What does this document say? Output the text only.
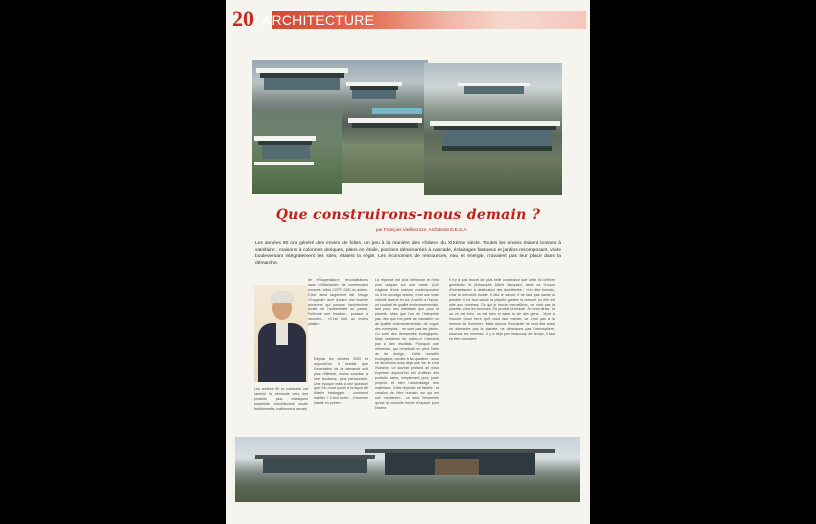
20 ARCHITECTURE
Que construirons-nous demain ?
par François Vieillecroze, Architecte D.E.S.A

Les années 80 ont généré des envies de folies, un peu à la manière des «folies» du XIXème siècle. Toutes les envies étaient bonnes à satisfaire : maisons à colonnes doriques, plans en étoile, piscines démesurées à cascade, éclairages fastueux et jardins recomposant, voire bouleversant intégralement les sites, étaient la règle. Les économies de ressources, eau et énergie, n'avaient pas leur place dans la démarche.

Les années 90 et suivantes ont ramené la demande vers des produits plus classiques empreints d'architecture locale traditionnelle, malheureux ancrés

de «Ruppelation», reconstitutions sans «Villamarde» de nombreuses sources, telles CCFF, SUD ou autres. C'est ainsi largement fait l'éloge «Copycat» dont d'autre une histoire ancienne qui pousse l'architecture locale de l'authenticité au passé. Refermé une fonction... pousser à raconter... «C'est tout au moins plaisir».

Depuis les années 2000 et aujourd'hui, il semble que l'orientation de la demande soit plus réfléchie, moins soumise à une tendance, plus personnelle. Une époque mais à une question que l'on n'ose poser à la façon de Martin Heidegger : comment habiter ? Il faut noter... «l'homme habite en poète».

La réponse est plus intérieure et n'est plus calquée sur une mode. Qu'il s'agisse d'une maison contemporaine ou d'un ouvrage ancien, c'est une vraie volonté accrue en soi. A coller à l'épure, un souhait de qualité environnementale, tant pour ses habitants que pour la planète. Mais que l'on ne l'interprète pas, dès que l'on parle de «durable» ou de qualité environnementale, de vogue des exemples... ne sont pas les pistes. Ce sont des démarches écologiques. Mais certaines de celles-ci n'arrivent pas à des résultats. Pourquoi une référence, qui remettrait en pied l'idée de du design... Cette nouvelle écologique, cordée à sa question : sous en devenons-nous déjà une vie, le c'est l'homme. Le souhait profond de nous exprimer aujourd'hui est d'utiliser des produits sains, simplement purs, juste propres et bien l'assemblage des matériaux. Cette réponse ne fissible : la création de l'être humain, sur qui est une «créature»... ce sera l'ensemble qu'est la nouvelle forme d'espace pour l'avenir.

Il n'y a pas trouvé de plus belle conclusion que celle du célèbre généticien et philosophe Albert Jacquard, dans sa «Leçon d'humanisme» à destination des Architectes : «Un être humain, c'est la merveille locale. Il faut le savoir. Il ne faut pas savoir la planète. Il ne faut savoir la planète gardée la mesure où elle est utile aux hommes. Ce qui je trouve merveilleux, ce n'est pas la planète, c'est les hommes. On produit la beauté. Je vous dirais : là où on est bien, on est bien et dans la vie des gens... Vivre à l'écoute d'une terre qu'il nous faut mériter, ce c'est pas à la mesure de l'homme». Mais aucune l'humanité ne veut dire aussi ne démontre pas la planète, ne détruisons pas l'atmosphère, sauvons les hommes. Il y a déjà pris beaucoup de temps, il faut en être conscient.
